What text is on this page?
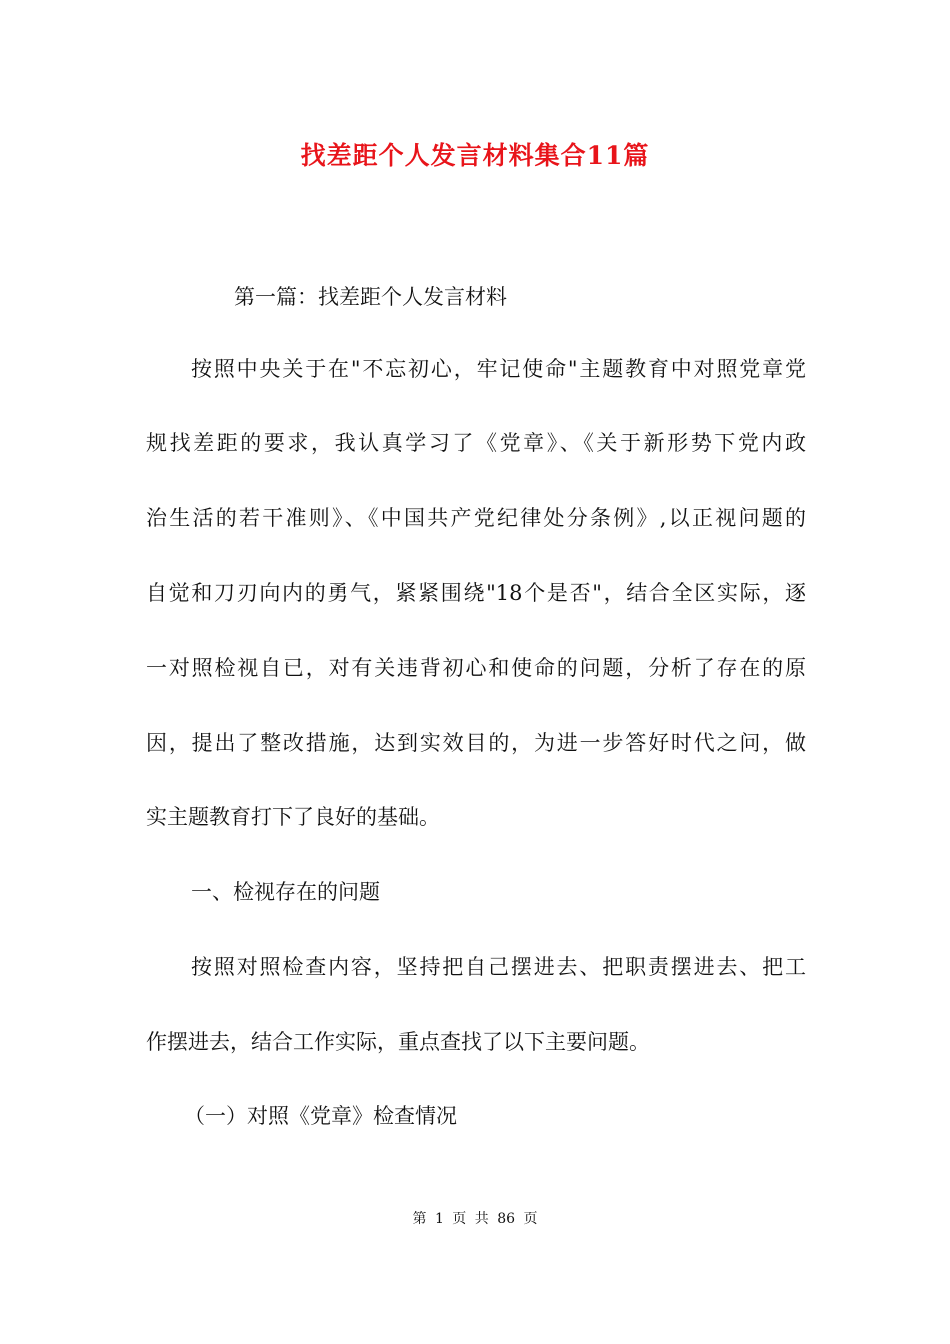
找差距个人发言材料集合11篇
第一篇：找差距个人发言材料
按照中央关于在"不忘初心，牢记使命"主题教育中对照党章党
规找差距的要求，我认真学习了《党章》、《关于新形势下党内政
治生活的若干准则》、《中国共产党纪律处分条例》,以正视问题的
自觉和刀刃向内的勇气，紧紧围绕"18个是否"，结合全区实际，逐
一对照检视自已，对有关违背初心和使命的问题，分析了存在的原
因，提出了整改措施，达到实效目的，为进一步答好时代之问，做
实主题教育打下了良好的基础。
一、检视存在的问题
按照对照检查内容，坚持把自己摆进去、把职责摆进去、把工
作摆进去，结合工作实际，重点查找了以下主要问题。
（一）对照《党章》检查情况
第 1 页 共 86 页
